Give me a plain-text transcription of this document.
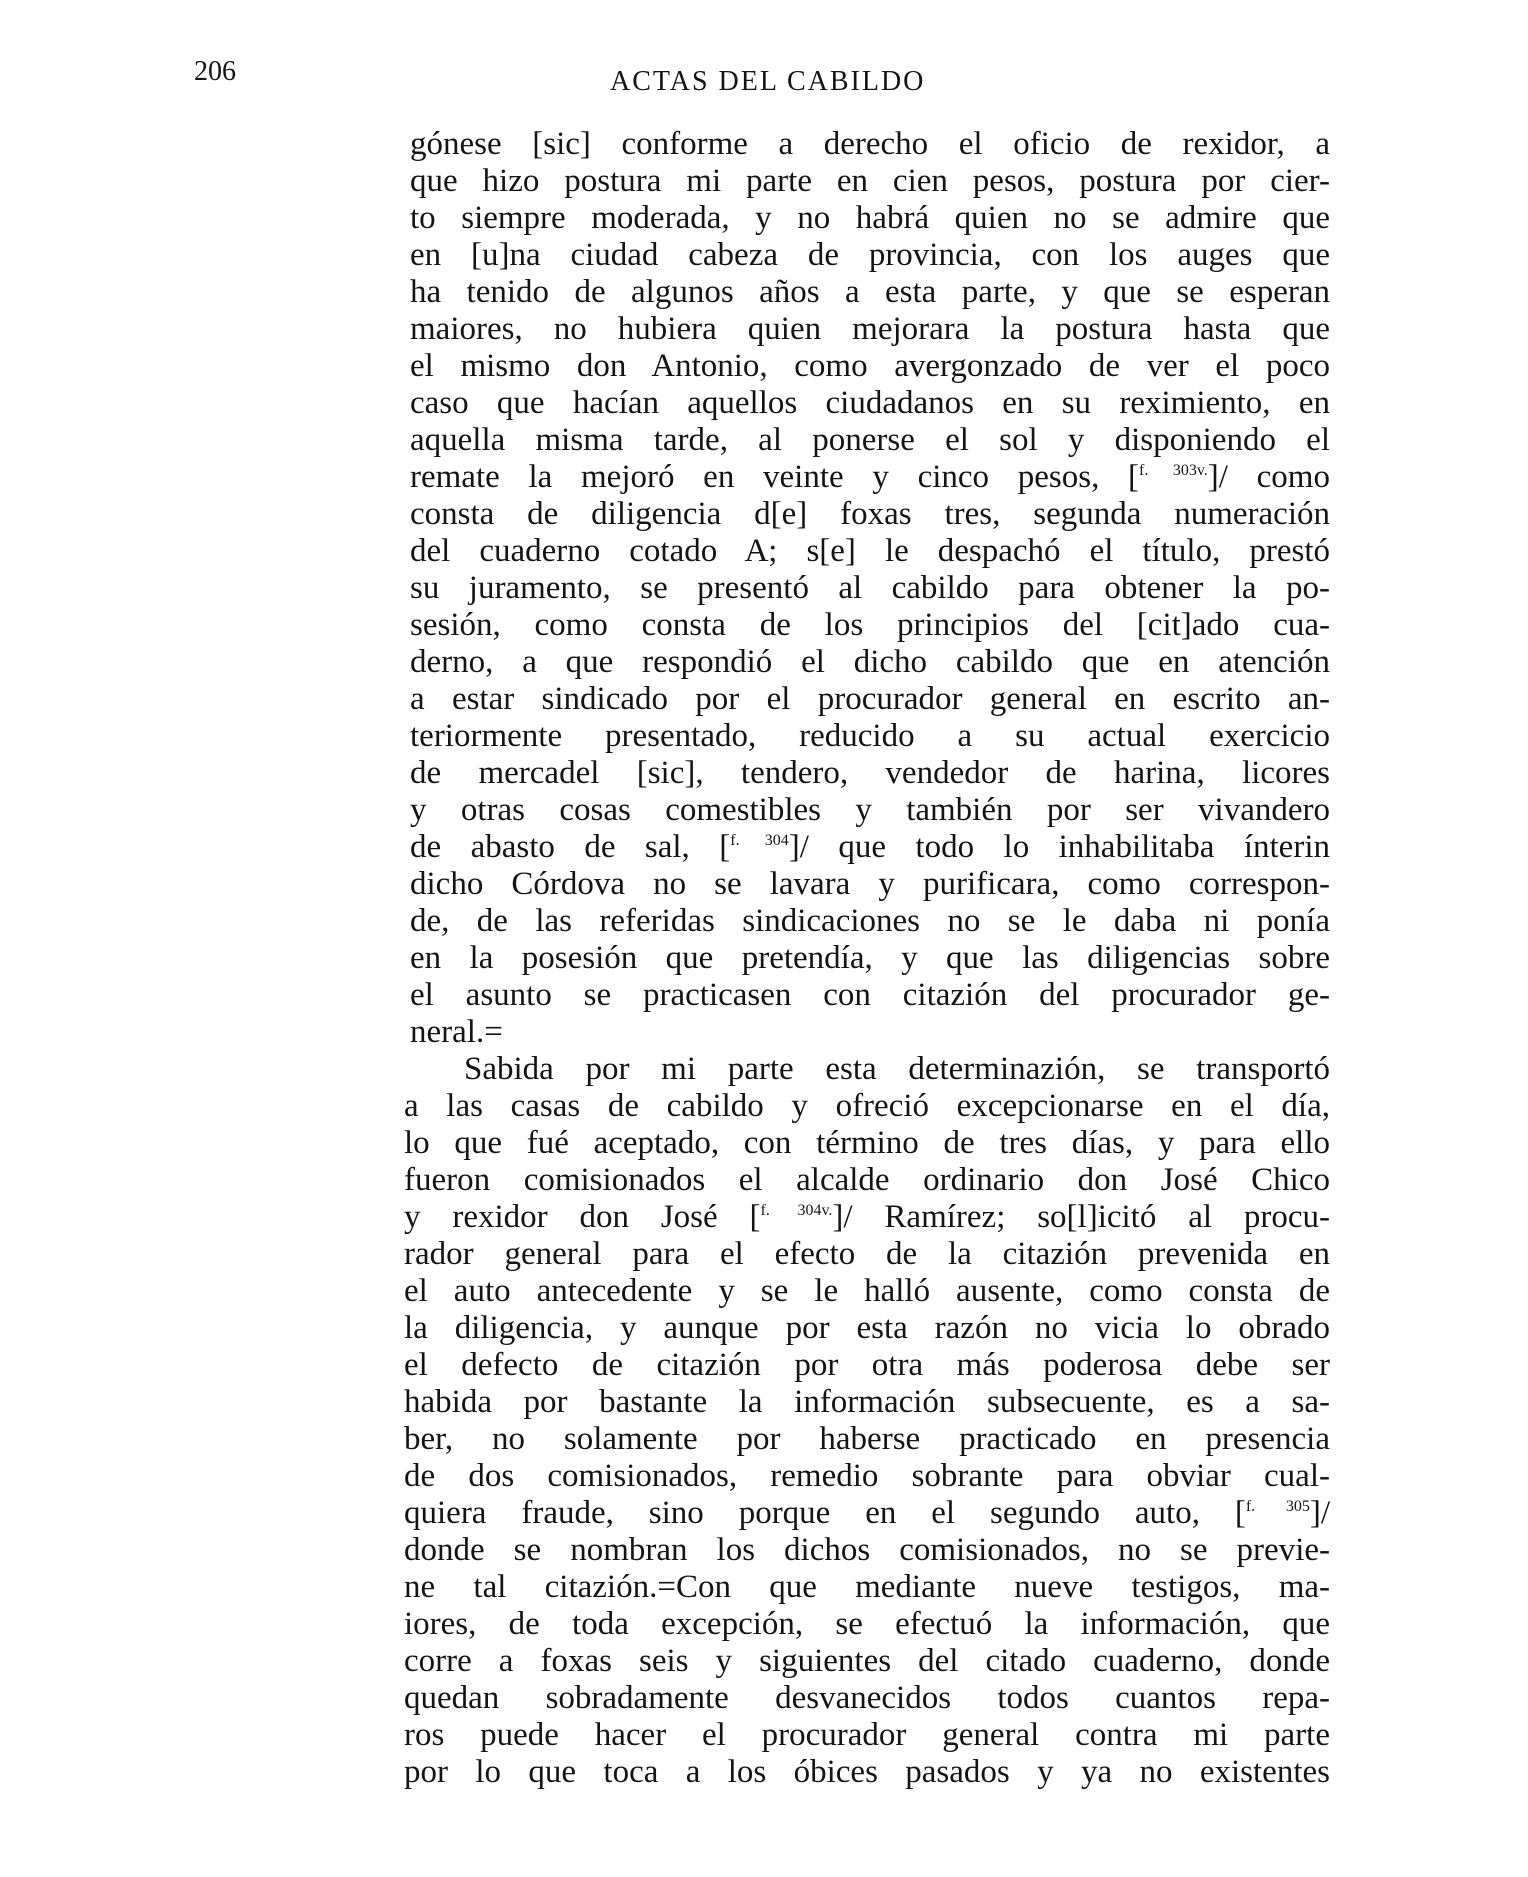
206	ACTAS DEL CABILDO
gónese [sic] conforme a derecho el oficio de rexidor, a
que hizo postura mi parte en cien pesos, postura por cier-
to siempre moderada, y no habrá quien no se admire que
en [u]na ciudad cabeza de provincia, con los auges que
ha tenido de algunos años a esta parte, y que se esperan
maiores, no hubiera quien mejorara la postura hasta que
el mismo don Antonio, como avergonzado de ver el poco
caso que hacían aquellos ciudadanos en su reximiento, en
aquella misma tarde, al ponerse el sol y disponiendo el
remate la mejoró en veinte y cinco pesos, [$^{f. 303v.}$]/ como
consta de diligencia d[e] foxas tres, segunda numeración
del cuaderno cotado A; s[e] le despachó el título, prestó
su juramento, se presentó al cabildo para obtener la po-
sesión, como consta de los principios del [cit]ado cua-
derno, a que respondió el dicho cabildo que en atención
a estar sindicado por el procurador general en escrito an-
teriormente presentado, reducido a su actual exercicio
de mercadel [sic], tendero, vendedor de harina, licores
y otras cosas comestibles y también por ser vivandero
de abasto de sal, [$^{f. 304}$]/ que todo lo inhabilitaba ínterin
dicho Córdova no se lavara y purificara, como correspon-
de, de las referidas sindicaciones no se le daba ni ponía
en la posesión que pretendía, y que las diligencias sobre
el asunto se practicasen con citazión del procurador ge-
neral.=
Sabida por mi parte esta determinazión, se transportó
a las casas de cabildo y ofreció excepcionarse en el día,
lo que fué aceptado, con término de tres días, y para ello
fueron comisionados el alcalde ordinario don José Chico
y rexidor don José [$^{f. 304v.}$]/ Ramírez; so[l]icitó al procu-
rador general para el efecto de la citazión prevenida en
el auto antecedente y se le halló ausente, como consta de
la diligencia, y aunque por esta razón no vicia lo obrado
el defecto de citazión por otra más poderosa debe ser
habida por bastante la información subsecuente, es a sa-
ber, no solamente por haberse practicado en presencia
de dos comisionados, remedio sobrante para obviar cual-
quiera fraude, sino porque en el segundo auto, [$^{f. 305}$]/
donde se nombran los dichos comisionados, no se previe-
ne tal citazión.=Con que mediante nueve testigos, ma-
iores, de toda excepción, se efectuó la información, que
corre a foxas seis y siguientes del citado cuaderno, donde
quedan sobradamente desvanecidos todos cuantos repa-
ros puede hacer el procurador general contra mi parte
por lo que toca a los óbices pasados y ya no existentes
